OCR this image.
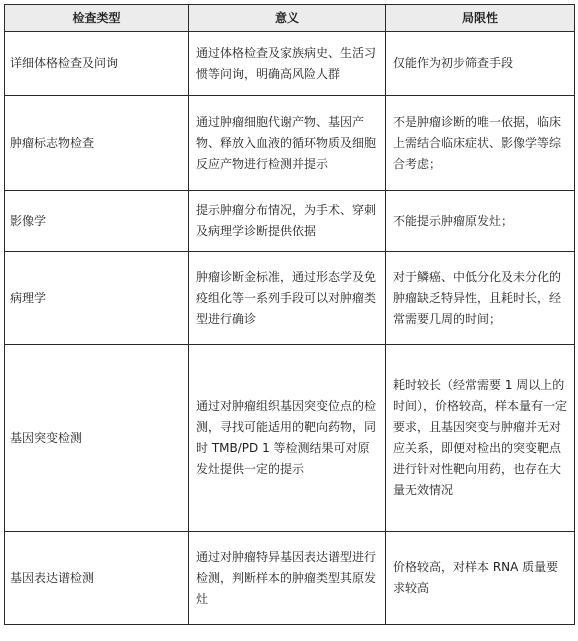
检查类型	意义	局限性
详细体格检查及问询	通过体格检查及家族病史、生活习惯等问询，明确高风险人群	仅能作为初步筛查手段
肿瘤标志物检查	通过肿瘤细胞代谢产物、基因产物、释放入血液的循环物质及细胞反应产物进行检测并提示	不是肿瘤诊断的唯一依据，临床上需结合临床症状、影像学等综合考虑；
影像学	提示肿瘤分布情况，为手术、穿刺及病理学诊断提供依据	不能提示肿瘤原发灶；
病理学	肿瘤诊断金标准，通过形态学及免疫组化等一系列手段可以对肿瘤类型进行确诊	对于鳞癌、中低分化及未分化的肿瘤缺乏特异性，且耗时长，经常需要几周的时间；
基因突变检测	通过对肿瘤组织基因突变位点的检测，寻找可能适用的靶向药物，同时 TMB/PD 1 等检测结果可对原发灶提供一定的提示	耗时较长（经常需要 1 周以上的时间），价格较高，样本量有一定要求，且基因突变与肿瘤并无对应关系，即便对检出的突变靶点进行针对性靶向用药，也存在大量无效情况
基因表达谱检测	通过对肿瘤特异基因表达谱型进行检测，判断样本的肿瘤类型其原发灶	价格较高，对样本 RNA 质量要求较高
